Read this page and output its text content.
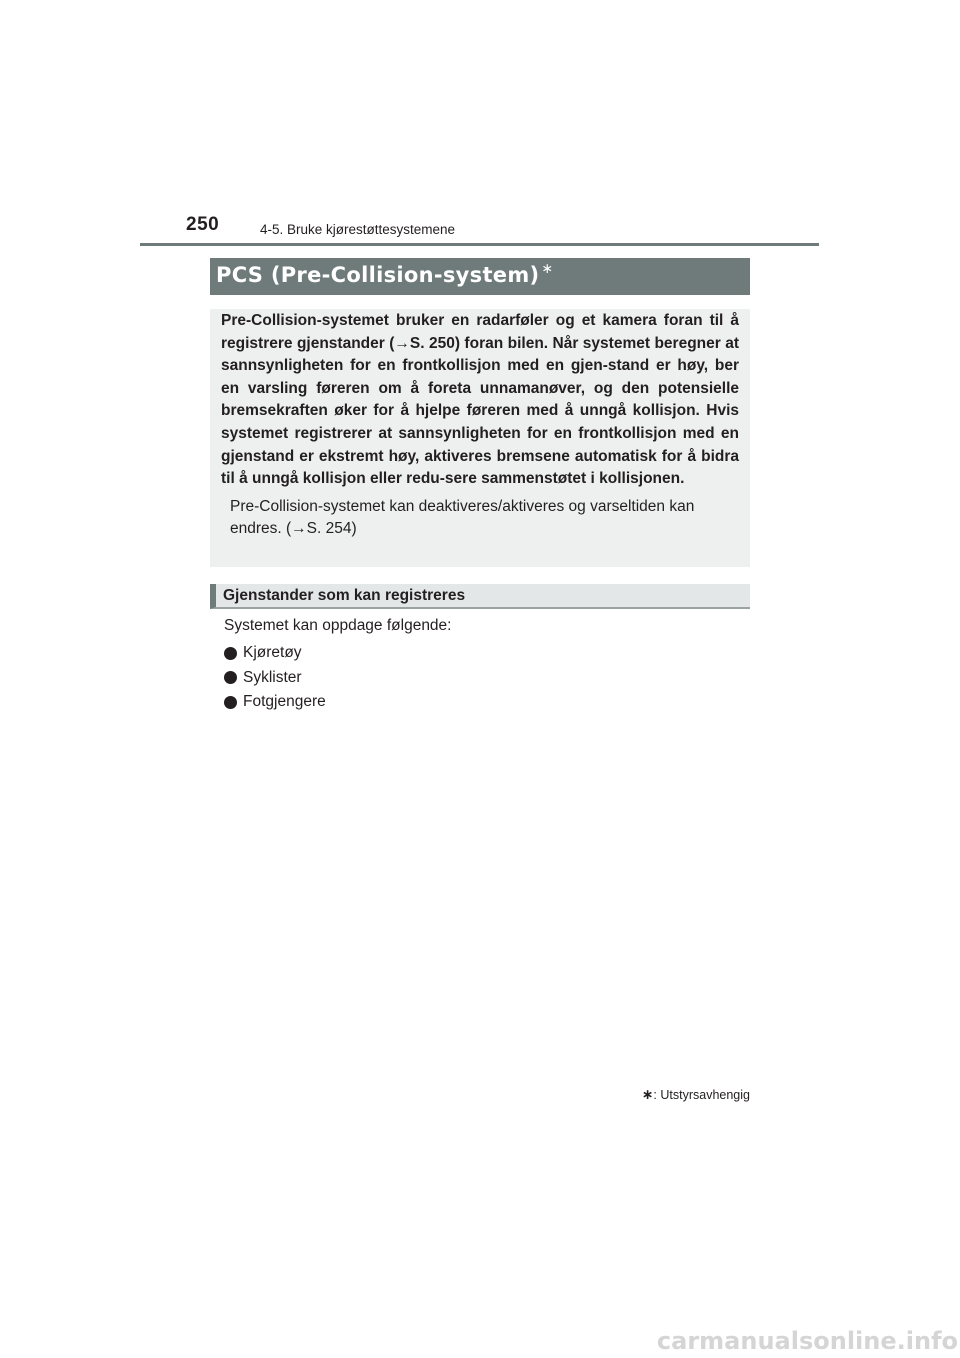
250	4-5. Bruke kjørestøttesystemene
PCS (Pre-Collision-system) ∗

Pre-Collision-systemet bruker en radarføler og et kamera foran til å registrere gjenstander (→S. 250) foran bilen. Når systemet beregner at sannsynligheten for en frontkollisjon med en gjen-stand er høy, ber en varsling føreren om å foreta unnamanøver, og den potensielle bremsekraften øker for å hjelpe føreren med å unngå kollisjon. Hvis systemet registrerer at sannsynligheten for en frontkollisjon med en gjenstand er ekstremt høy, aktiveres bremsene automatisk for å bidra til å unngå kollisjon eller redu-sere sammenstøtet i kollisjonen.

Pre-Collision-systemet kan deaktiveres/aktiveres og varseltiden kan endres. (→S. 254)

Gjenstander som kan registreres
Systemet kan oppdage følgende:
Kjøretøy
Syklister
Fotgjengere
∗: Utstyrsavhengig
carmanualsonline.info
